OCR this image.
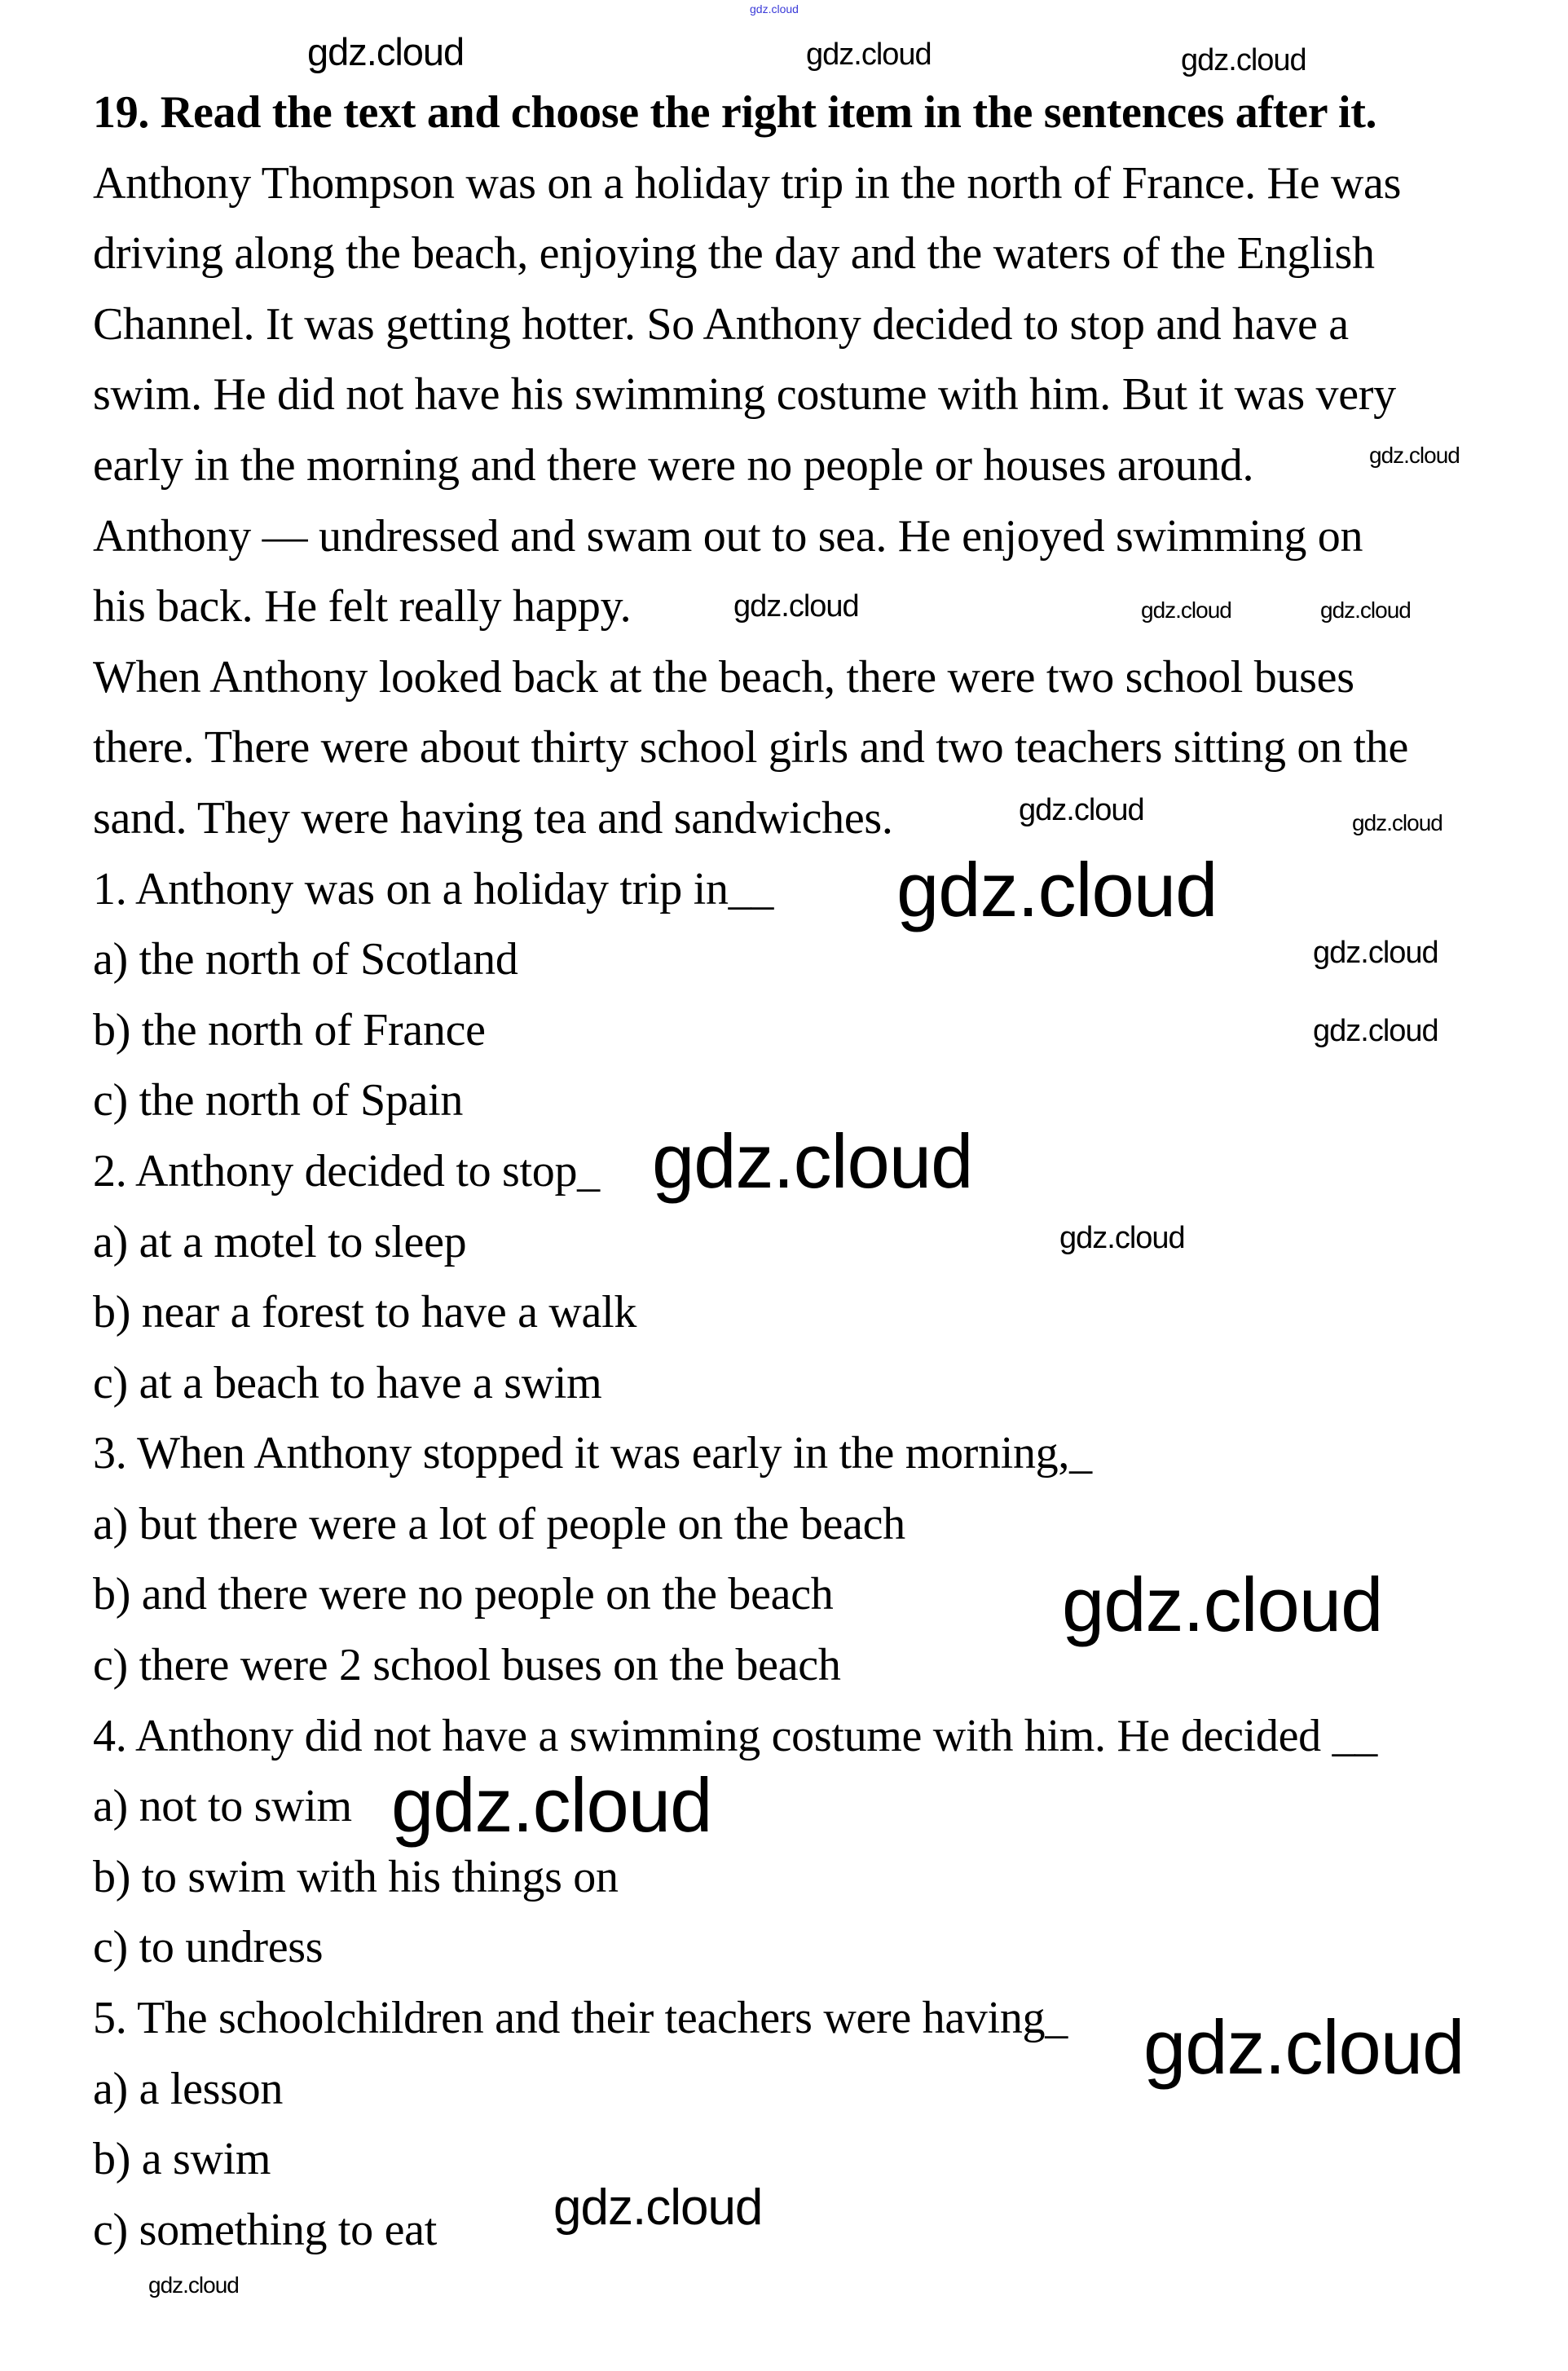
19. Read the text and choose the right item in the sentences after it.
Anthony Thompson was on a holiday trip in the north of France. He was
driving along the beach, enjoying the day and the waters of the English
Channel. It was getting hotter. So Anthony decided to stop and have a
swim. He did not have his swimming costume with him. But it was very
early in the morning and there were no people or houses around.
Anthony — undressed and swam out to sea. He enjoyed swimming on
his back. He felt really happy.
When Anthony looked back at the beach, there were two school buses
there. There were about thirty school girls and two teachers sitting on the
sand. They were having tea and sandwiches.
1. Anthony was on a holiday trip in__
a) the north of Scotland
b) the north of France
c) the north of Spain
2. Anthony decided to stop_
a) at a motel to sleep
b) near a forest to have a walk
c) at a beach to have a swim
3. When Anthony stopped it was early in the morning,_
a) but there were a lot of people on the beach
b) and there were no people on the beach
c) there were 2 school buses on the beach
4. Anthony did not have a swimming costume with him. He decided __
a) not to swim
b) to swim with his things on
c) to undress
5. The schoolchildren and their teachers were having_
a) a lesson
b) a swim
c) something to eat
gdz.cloud
gdz.cloud	gdz.cloud	gdz.cloud
gdz.cloud
gdz.cloud	gdz.cloud	gdz.cloud
gdz.cloud	gdz.cloud
gdz.cloud
gdz.cloud
gdz.cloud
gdz.cloud
gdz.cloud
gdz.cloud
gdz.cloud
gdz.cloud
gdz.cloud
gdz.cloud
